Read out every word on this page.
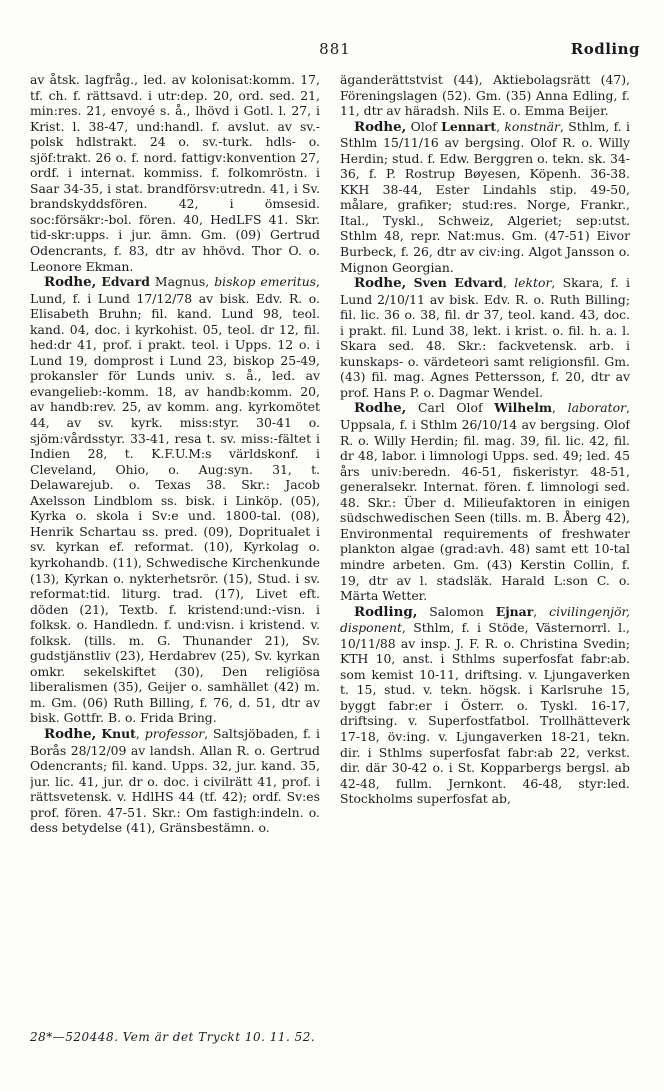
881	Rodling

av åtsk. lagfråg., led. av kolonisat:komm. 17, tf. ch. f. rättsavd. i utr:dep. 20, ord. sed. 21, min:res. 21, envoyé s. å., lhövd i Gotl. l. 27, i Krist. l. 38-47, und:handl. f. avslut. av sv.-polsk hdlstrakt. 24 o. sv.-turk. hdls- o. sjöf:trakt. 26 o. f. nord. fattigv:konvention 27, ordf. i internat. kommiss. f. folkomröstn. i Saar 34-35, i stat. brandförsv:utredn. 41, i Sv. brandskyddsfören. 42, i ömsesid. soc:försäkr:-bol. fören. 40, HedLFS 41. Skr. tid-skr:upps. i jur. ämn. Gm. (09) Gertrud Odencrants, f. 83, dtr av hhövd. Thor O. o. Leonore Ekman.

Rodhe, Edvard Magnus, biskop emeritus, Lund, f. i Lund 17/12/78 av bisk. Edv. R. o. Elisabeth Bruhn; fil. kand. Lund 98, teol. kand. 04, doc. i kyrkohist. 05, teol. dr 12, fil. hed:dr 41, prof. i prakt. teol. i Upps. 12 o. i Lund 19, domprost i Lund 23, biskop 25-49, prokansler för Lunds univ. s. å., led. av evangelieb:-komm. 18, av handb:komm. 20, av handb:rev. 25, av komm. ang. kyrkomötet 44, av sv. kyrk. miss:styr. 30-41 o. sjöm:vårdsstyr. 33-41, resa t. sv. miss:-fältet i Indien 28, t. K.F.U.M:s världskonf. i Cleveland, Ohio, o. Aug:syn. 31, t. Delawarejub. o. Texas 38. Skr.: Jacob Axelsson Lindblom ss. bisk. i Linköp. (05), Kyrka o. skola i Sv:e und. 1800-tal. (08), Henrik Schartau ss. pred. (09), Dopritualet i sv. kyrkan ef. reformat. (10), Kyrkolag o. kyrkohandb. (11), Schwedische Kirchenkunde (13), Kyrkan o. nykterhetsrör. (15), Stud. i sv. reformat:tid. liturg. trad. (17), Livet eft. döden (21), Textb. f. kristend:und:-visn. i folksk. o. Handledn. f. und:visn. i kristend. v. folksk. (tills. m. G. Thunander 21), Sv. gudstjänstliv (23), Herdabrev (25), Sv. kyrkan omkr. sekelskiftet (30), Den religiösa liberalismen (35), Geijer o. samhället (42) m. m. Gm. (06) Ruth Billing, f. 76, d. 51, dtr av bisk. Gottfr. B. o. Frida Bring.

Rodhe, Knut, professor, Saltsjöbaden, f. i Borås 28/12/09 av landsh. Allan R. o. Gertrud Odencrants; fil. kand. Upps. 32, jur. kand. 35, jur. lic. 41, jur. dr o. doc. i civilrätt 41, prof. i rättsvetensk. v. HdlHS 44 (tf. 42); ordf. Sv:es prof. fören. 47-51. Skr.: Om fastigh:indeln. o. dess betydelse (41), Gränsbestämn. o.

äganderättstvist (44), Aktiebolagsrätt (47), Föreningslagen (52). Gm. (35) Anna Edling, f. 11, dtr av häradsh. Nils E. o. Emma Beijer.

Rodhe, Olof Lennart, konstnär, Sthlm, f. i Sthlm 15/11/16 av bergsing. Olof R. o. Willy Herdin; stud. f. Edw. Berggren o. tekn. sk. 34-36, f. P. Rostrup Bøyesen, Köpenh. 36-38. KKH 38-44, Ester Lindahls stip. 49-50, målare, grafiker; stud:res. Norge, Frankr., Ital., Tyskl., Schweiz, Algeriet; sep:utst. Sthlm 48, repr. Nat:mus. Gm. (47-51) Eivor Burbeck, f. 26, dtr av civ:ing. Algot Jansson o. Mignon Georgian.

Rodhe, Sven Edvard, lektor, Skara, f. i Lund 2/10/11 av bisk. Edv. R. o. Ruth Billing; fil. lic. 36 o. 38, fil. dr 37, teol. kand. 43, doc. i prakt. fil. Lund 38, lekt. i krist. o. fil. h. a. l. Skara sed. 48. Skr.: fackvetensk. arb. i kunskaps- o. värdeteori samt religionsfil. Gm. (43) fil. mag. Agnes Pettersson, f. 20, dtr av prof. Hans P. o. Dagmar Wendel.

Rodhe, Carl Olof Wilhelm, laborator, Uppsala, f. i Sthlm 26/10/14 av bergsing. Olof R. o. Willy Herdin; fil. mag. 39, fil. lic. 42, fil. dr 48, labor. i limnologi Upps. sed. 49; led. 45 års univ:beredn. 46-51, fiskeristyr. 48-51, generalsekr. Internat. fören. f. limnologi sed. 48. Skr.: Über d. Milieufaktoren in einigen südschwedischen Seen (tills. m. B. Åberg 42), Environmental requirements of freshwater plankton algae (grad:avh. 48) samt ett 10-tal mindre arbeten. Gm. (43) Kerstin Collin, f. 19, dtr av l. stadsläk. Harald L:son C. o. Märta Wetter.

Rodling, Salomon Ejnar, civilingenjör, disponent, Sthlm, f. i Stöde, Västernorrl. l., 10/11/88 av insp. J. F. R. o. Christina Svedin; KTH 10, anst. i Sthlms superfosfat fabr:ab. som kemist 10-11, driftsing. v. Ljungaverken t. 15, stud. v. tekn. högsk. i Karlsruhe 15, byggt fabr:er i Österr. o. Tyskl. 16-17, driftsing. v. Superfostfatbol. Trollhätteverk 17-18, öv:ing. v. Ljungaverken 18-21, tekn. dir. i Sthlms superfosfat fabr:ab 22, verkst. dir. där 30-42 o. i St. Kopparbergs bergsl. ab 42-48, fullm. Jernkont. 46-48, styr:led. Stockholms superfosfat ab,

28*—520448. Vem är det Tryckt 10. 11. 52.
